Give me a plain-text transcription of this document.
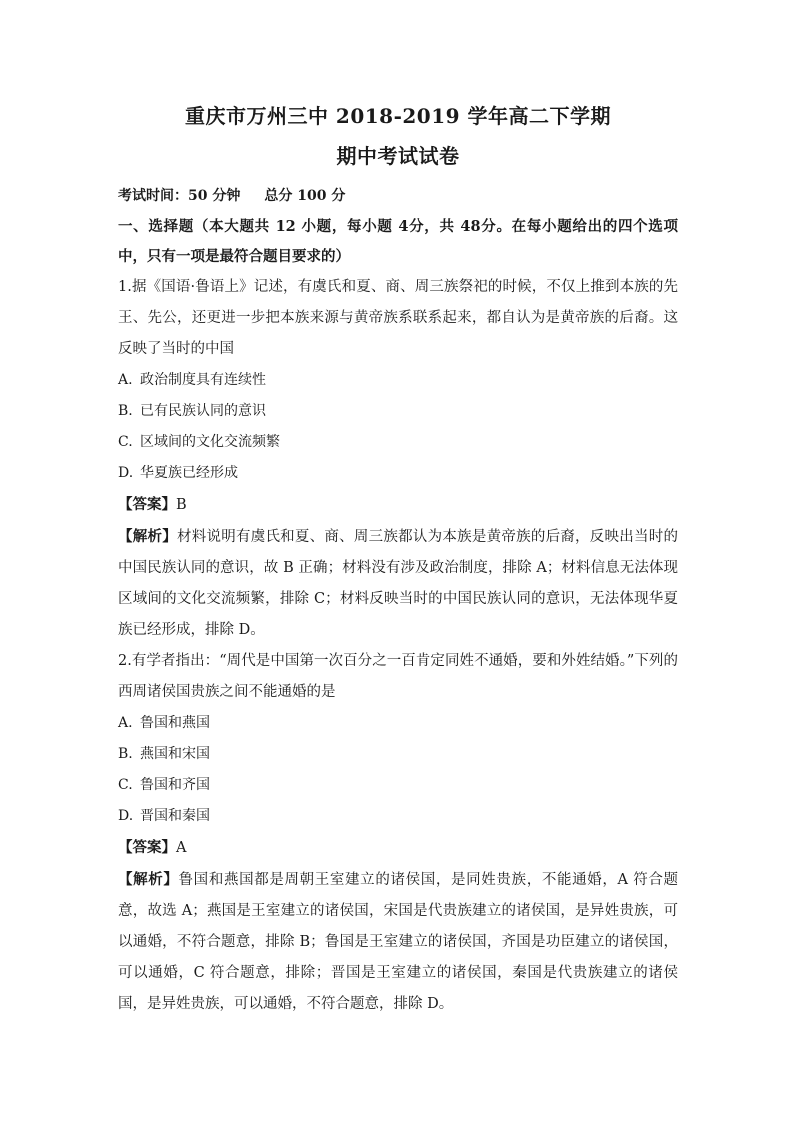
重庆市万州三中 2018-2019 学年高二下学期
期中考试试卷
考试时间：50 分钟 总分 100 分
一、选择题（本大题共 12 小题，每小题 4分，共 48分。在每小题给出的四个选项中，只有一项是最符合题目要求的）
1.据《国语·鲁语上》记述，有虞氏和夏、商、周三族祭祀的时候，不仅上推到本族的先王、先公，还更进一步把本族来源与黄帝族系联系起来，都自认为是黄帝族的后裔。这反映了当时的中国
A. 政治制度具有连续性
B. 已有民族认同的意识
C. 区域间的文化交流频繁
D. 华夏族已经形成
【答案】B
【解析】材料说明有虞氏和夏、商、周三族都认为本族是黄帝族的后裔，反映出当时的中国民族认同的意识，故 B 正确；材料没有涉及政治制度，排除 A；材料信息无法体现区域间的文化交流频繁，排除 C；材料反映当时的中国民族认同的意识，无法体现华夏族已经形成，排除 D。
2.有学者指出：“周代是中国第一次百分之一百肯定同姓不通婚，要和外姓结婚。”下列的西周诸侯国贵族之间不能通婚的是
A. 鲁国和燕国
B. 燕国和宋国
C. 鲁国和齐国
D. 晋国和秦国
【答案】A
【解析】鲁国和燕国都是周朝王室建立的诸侯国，是同姓贵族，不能通婚，A 符合题意，故选 A；燕国是王室建立的诸侯国，宋国是代贵族建立的诸侯国，是异姓贵族，可以通婚，不符合题意，排除 B；鲁国是王室建立的诸侯国，齐国是功臣建立的诸侯国，可以通婚，C 符合题意，排除；晋国是王室建立的诸侯国，秦国是代贵族建立的诸侯国，是异姓贵族，可以通婚，不符合题意，排除 D。
